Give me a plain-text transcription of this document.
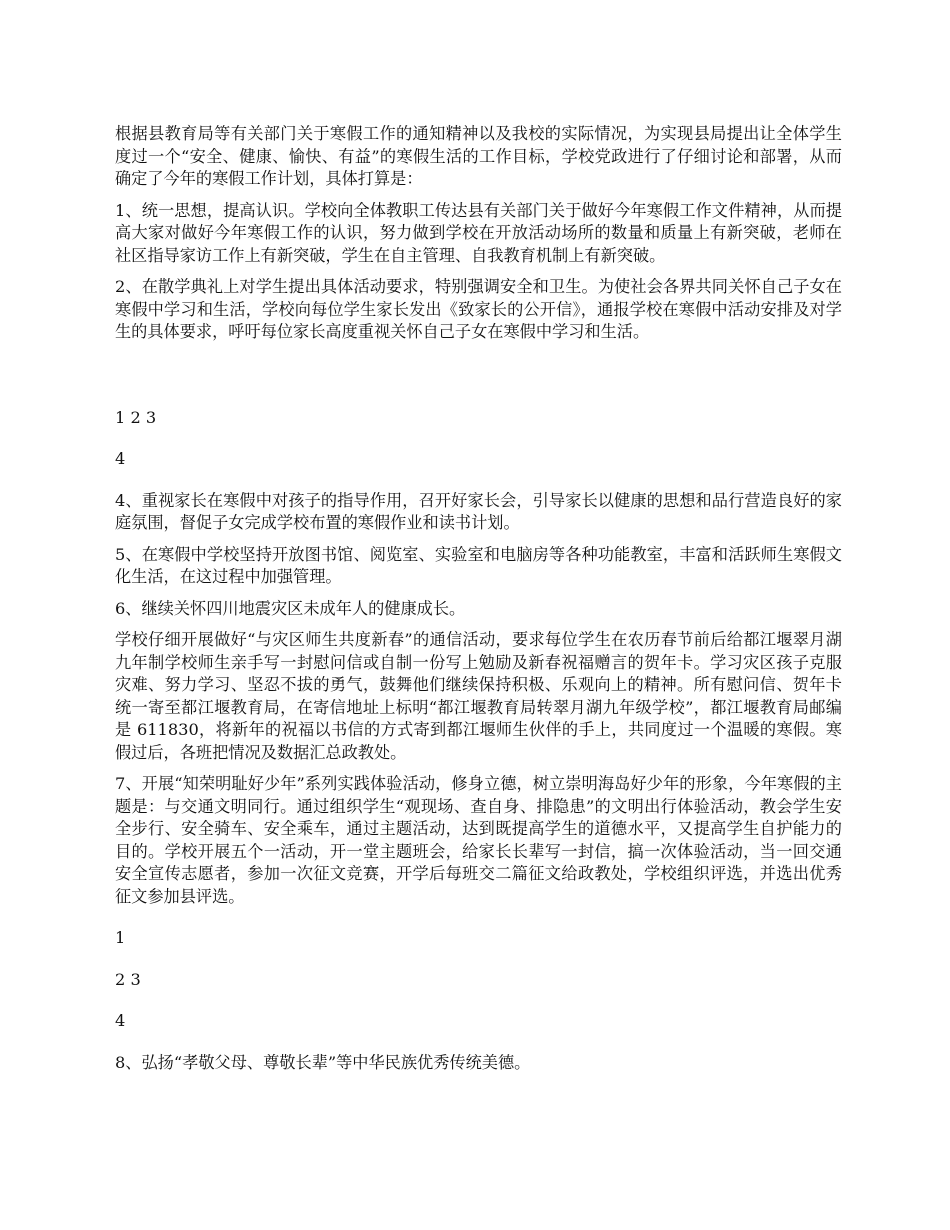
根据县教育局等有关部门关于寒假工作的通知精神以及我校的实际情况，为实现县局提出让全体学生度过一个“安全、健康、愉快、有益”的寒假生活的工作目标，学校党政进行了仔细讨论和部署，从而确定了今年的寒假工作计划，具体打算是：

1、统一思想，提高认识。学校向全体教职工传达县有关部门关于做好今年寒假工作文件精神，从而提高大家对做好今年寒假工作的认识，努力做到学校在开放活动场所的数量和质量上有新突破，老师在社区指导家访工作上有新突破，学生在自主管理、自我教育机制上有新突破。

2、在散学典礼上对学生提出具体活动要求，特别强调安全和卫生。为使社会各界共同关怀自己子女在寒假中学习和生活，学校向每位学生家长发出《致家长的公开信》，通报学校在寒假中活动安排及对学生的具体要求，呼吁每位家长高度重视关怀自己子女在寒假中学习和生活。

1 2 3

4

4、重视家长在寒假中对孩子的指导作用，召开好家长会，引导家长以健康的思想和品行营造良好的家庭氛围，督促子女完成学校布置的寒假作业和读书计划。

5、在寒假中学校坚持开放图书馆、阅览室、实验室和电脑房等各种功能教室，丰富和活跃师生寒假文化生活，在这过程中加强管理。

6、继续关怀四川地震灾区未成年人的健康成长。

学校仔细开展做好“与灾区师生共度新春”的通信活动，要求每位学生在农历春节前后给都江堰翠月湖九年制学校师生亲手写一封慰问信或自制一份写上勉励及新春祝福赠言的贺年卡。学习灾区孩子克服灾难、努力学习、坚忍不拔的勇气，鼓舞他们继续保持积极、乐观向上的精神。所有慰问信、贺年卡统一寄至都江堰教育局，在寄信地址上标明“都江堰教育局转翠月湖九年级学校”，都江堰教育局邮编是 611830，将新年的祝福以书信的方式寄到都江堰师生伙伴的手上，共同度过一个温暖的寒假。寒假过后，各班把情况及数据汇总政教处。

7、开展“知荣明耻好少年”系列实践体验活动，修身立德，树立崇明海岛好少年的形象，今年寒假的主题是：与交通文明同行。通过组织学生“观现场、查自身、排隐患”的文明出行体验活动，教会学生安全步行、安全骑车、安全乘车，通过主题活动，达到既提高学生的道德水平，又提高学生自护能力的目的。学校开展五个一活动，开一堂主题班会，给家长长辈写一封信，搞一次体验活动，当一回交通安全宣传志愿者，参加一次征文竞赛，开学后每班交二篇征文给政教处，学校组织评选，并选出优秀征文参加县评选。

1

2 3

4

8、弘扬“孝敬父母、尊敬长辈”等中华民族优秀传统美德。
